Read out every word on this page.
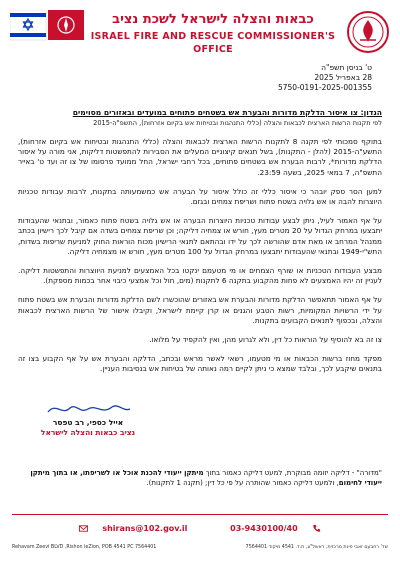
כבאות והצלה לישראל לשכת נציב
ISRAEL FIRE AND RESCUE COMMISSIONER'S OFFICE
ט' בניסן תשפ"ה
28 באפריל 2025
5750-0191-2025-001355
הנדון: צו איסור הדלקת מדורות והבערת אש בשטחים פתוחים במועדים ובאזורים מסוימים
לפי תקנות הרשות הארצית לכבאות והצלה (כללי התנהגות ובטיחות אש בקיום אזרחות), התשפ"ה-2015
בתוקף סמכותי לפי תקנה 8 לתקנות הרשות הארצית לכבאות והצלה (כללי התנהגות ובטיחות אש בקיום אזרחות), התשע"ה-2015 (להלן - התקנות), בשל תנאים קיצוניים המעלים את הסבירות להתפשטות דליקות, אני מורה על איסור הדלקת מדורות*, לרבות הבערת אש בשטחים פתוחים, בכל רחבי ישראל, החל ממועד פרסומו של צו זה ועד ט' באייר התשפ"ה, 7 במאי 2025, בשעה 23:59.
למען הסר ספק יובהר כי איסור כללי זה כולל איסור על הבערה אש כמשמעותה בתקנות, לרבות עבודות טכניות היוצרות להבה או אש גלויה בשטח פתוח ושריפת צמחים ובגזם.
על אף האמור לעיל, ניתן לבצע עבודות טכניות היוצרות הבערה או אש גלויה בשטח פתוח כאמור, ובתנאי שהעבודות יתבצעו במרחק הגדול על 20 מטרים מעץ, חורש או צמחיה דליקה; וכן שריפת צמחים בשדה אם קיבל לכך רישיון בכתב ממנהל המרחב או מאת אדם שהורשה לכך על ידו ובהתאם לתנאי הרישיון מכוח הוראות החוק למניעת שריפות בשדות, התש"י-1949 ובתנאי שהעבודות יתבצעו במרחק הגדול על 100 מטרים מעץ, חורש או מצמחיה דליקה.
מבצע העבודות הטכניות או שורף הצמחים או מי מטעמם ינקטו בכל האמצעים למניעת היווצרות והתפשטות דליקה. לעניין זה יהיו האמצעים לא פחות מהקבוע בתקנה 6 לתקנות (מים, חול וכל אמצעי כיבוי אחר בכמות מספקת).
על אף האמור תתאפשר הדלקת מדורות והבערת אש באזורים שהוכשרו לשם הדלקת מדורות והבערת אש בשטח פתוח על ידי הרשויות המקומיות, רשות הטבע והגנים או קרן קיימת לישראל, וקיבלו אישור של הרשות הארצית לכבאות והצלה, ובכפוף לתנאים הקבועים בתקנות.
צו זה בא להוסיף על הוראות כל דין, ולא לגרוע מהן, ואין להקפיד על מלואו.
מפקד מחוז ברשות הכבאות או מי מטעמו, רשאי לאשר מראש ובכתב, הדלקה והבערת אש על אף הקבוע בצו זה בתנאים שיקבע לכך, ובלבד שמצא כי ניתן לקיים רמה נאותה של בטיחות אש בנסיבות העניין.
אייל כספי, רב טפסר
נציב כבאות והצלה לישראל
"מדורה" - דליקה יזומה מבוקרת, למעט דליקה כאמור בתוך מיתקן ייעודי להכנת אוכל או לשריפתו, או בתוך מיתקן ייעודי לחימום, ולמעט דליקה כאמור שהותרה על פי כל דין; (תקנה 1 לתקנות).
shirans@102.gov.il	03-9430100/40
Rehavam Zeevi BLVD ,Rishon leZion, POB 4541 PC 7564401	שד' רחבעם זאבי פינת מרכזית, ראשל"צ, ת.ד. 4541 מיקוד 7564401
